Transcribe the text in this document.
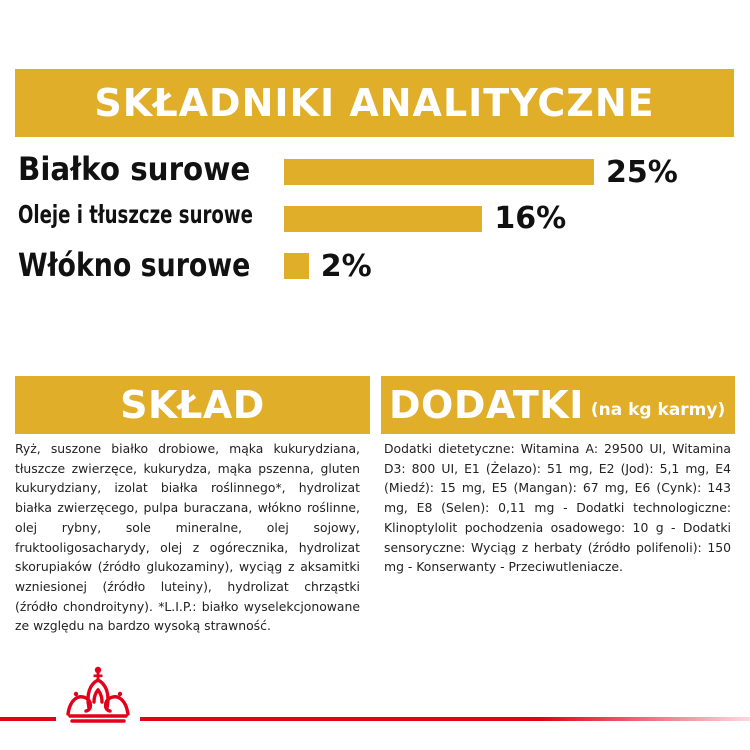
SKŁADNIKI ANALITYCZNE
Białko surowe	25%
Oleje i tłuszcze surowe	16%
Włókno surowe 2%
SKŁAD
Ryż, suszone białko drobiowe, mąka kukurydziana, tłuszcze zwierzęce, kukurydza, mąka pszenna, gluten kukurydziany, izolat białka roślinnego*, hydrolizat białka zwierzęcego, pulpa buraczana, włókno roślinne, olej rybny, sole mineralne, olej sojowy, fruktooligosacharydy, olej z ogórecznika, hydrolizat skorupiaków (źródło glukozaminy), wyciąg z aksamitki wzniesionej (źródło luteiny), hydrolizat chrząstki (źródło chondroityny). *L.I.P.: białko wyselekcjonowane ze względu na bardzo wysoką strawność.
DODATKI (na kg karmy)
Dodatki dietetyczne: Witamina A: 29500 UI, Witamina D3: 800 UI, E1 (Żelazo): 51 mg, E2 (Jod): 5,1 mg, E4 (Miedź): 15 mg, E5 (Mangan): 67 mg, E6 (Cynk): 143 mg, E8 (Selen): 0,11 mg - Dodatki technologiczne: Klinoptylolit pochodzenia osadowego: 10 g - Dodatki sensoryczne: Wyciąg z herbaty (źródło polifenoli): 150 mg - Konserwanty - Przeciwutleniacze.
